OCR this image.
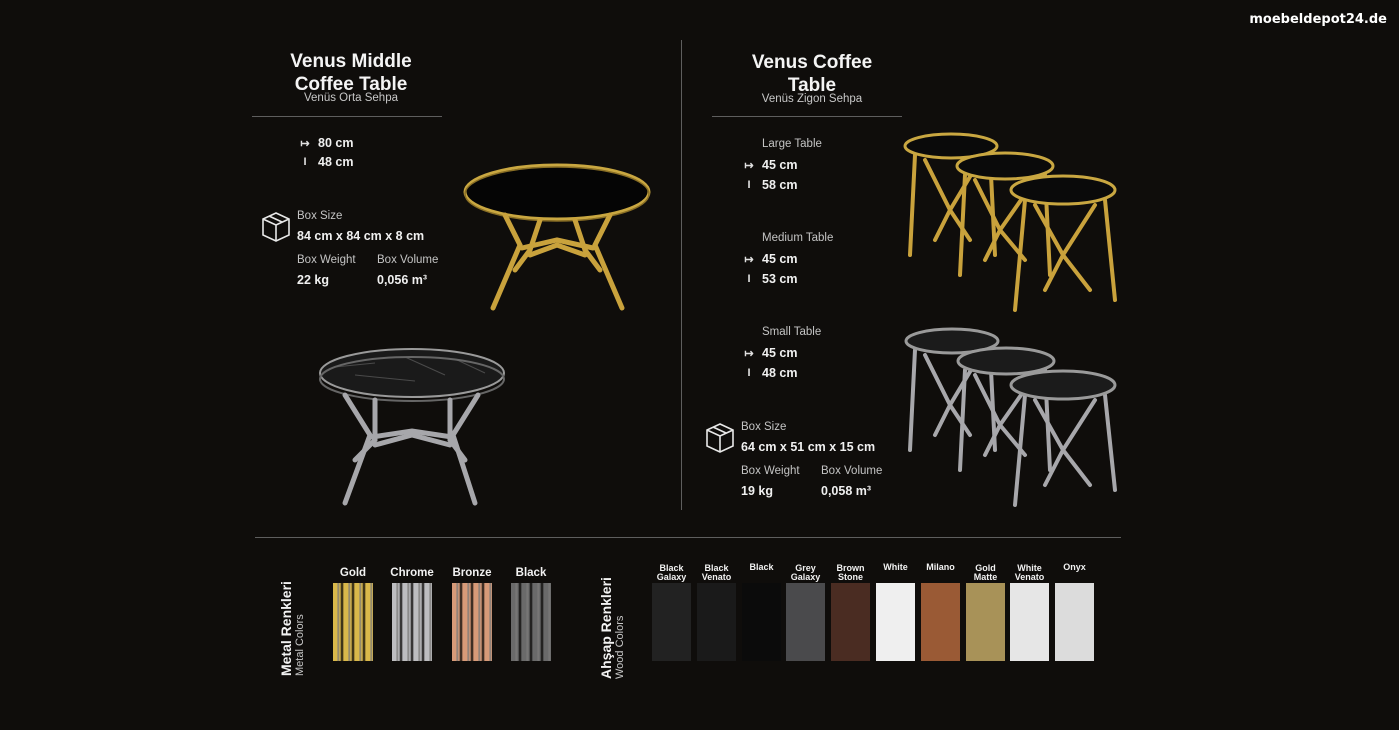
moebeldepot24.de
Venus Middle
Coffee Table
Venüs Orta Sehpa
↦ 80 cm
I 48 cm
Box Size
84 cm x 84 cm x 8 cm
Box Weight
22 kg
Box Volume
0,056 m³
Venus Coffee
Table
Venüs Zigon Sehpa
Large Table
↦ 45 cm
I 58 cm
Medium Table
↦ 45 cm
I 53 cm
Small Table
↦ 45 cm
I 48 cm
Box Size
64 cm x 51 cm x 15 cm
Box Weight
19 kg
Box Volume
0,058 m³
Metal Renkleri Metal Colors
Gold	Chrome	Bronze	Black
Ahşap Renkleri Wood Colors
Black
Galaxy
Black
Venato
Black	Grey
Galaxy
Brown
Stone
White	Milano	Gold
Matte
White
Venato
Onyx
